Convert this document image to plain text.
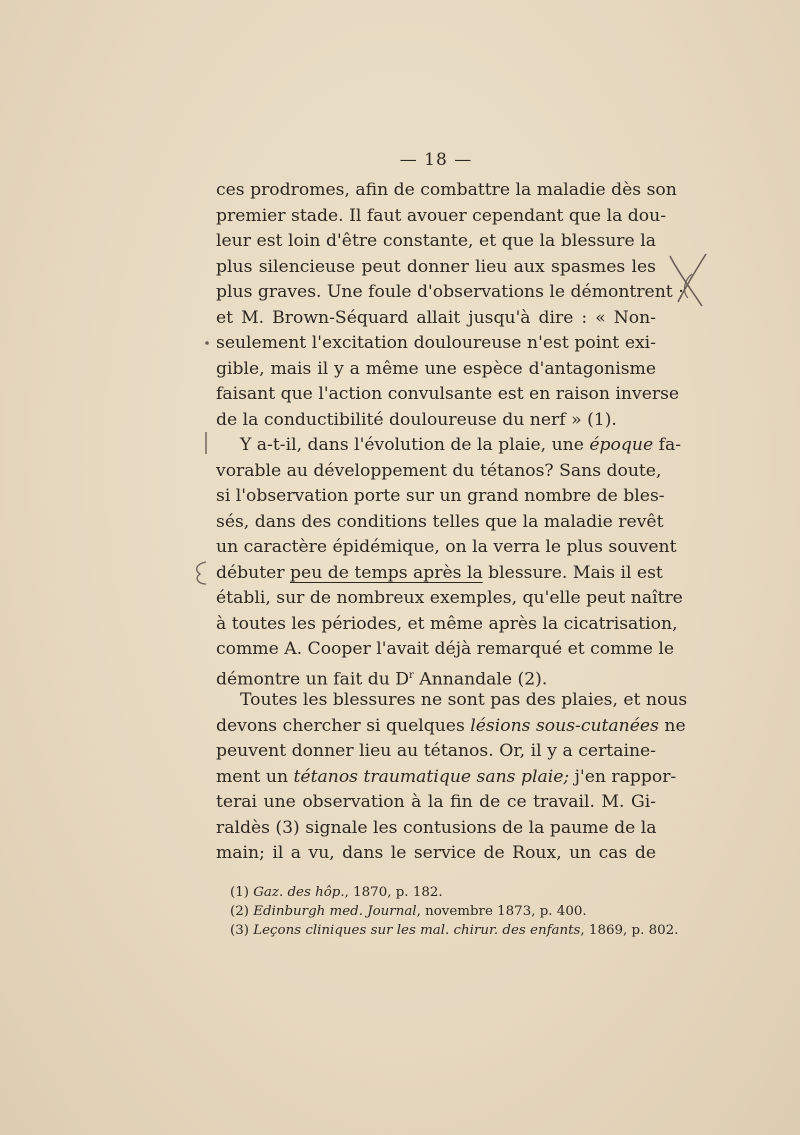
— 18 —
ces prodromes, afin de combattre la maladie dès son
premier stade. Il faut avouer cependant que la dou-
leur est loin d'être constante, et que la blessure la
plus silencieuse peut donner lieu aux spasmes les
plus graves. Une foule d'observations le démontrent ;
et M. Brown-Séquard allait jusqu'à dire : « Non-
seulement l'excitation douloureuse n'est point exi-
gible, mais il y a même une espèce d'antagonisme
faisant que l'action convulsante est en raison inverse
de la conductibilité douloureuse du nerf » (1).
Y a-t-il, dans l'évolution de la plaie, une époque fa-
vorable au développement du tétanos? Sans doute,
si l'observation porte sur un grand nombre de bles-
sés, dans des conditions telles que la maladie revêt
un caractère épidémique, on la verra le plus souvent
débuter peu de temps après la blessure. Mais il est
établi, sur de nombreux exemples, qu'elle peut naître
à toutes les périodes, et même après la cicatrisation,
comme A. Cooper l'avait déjà remarqué et comme le
démontre un fait du $D^r$ Annandale (2).
Toutes les blessures ne sont pas des plaies, et nous
devons chercher si quelques lésions sous-cutanées ne
peuvent donner lieu au tétanos. Or, il y a certaine-
ment un tétanos traumatique sans plaie; j'en rappor-
terai une observation à la fin de ce travail. M. Gi-
raldès (3) signale les contusions de la paume de la
main; il a vu, dans le service de Roux, un cas de
(1) Gaz. des hôp., 1870, p. 182.
(2) Edinburgh med. Journal, novembre 1873, p. 400.
(3) Leçons cliniques sur les mal. chirur. des enfants, 1869, p. 802.
